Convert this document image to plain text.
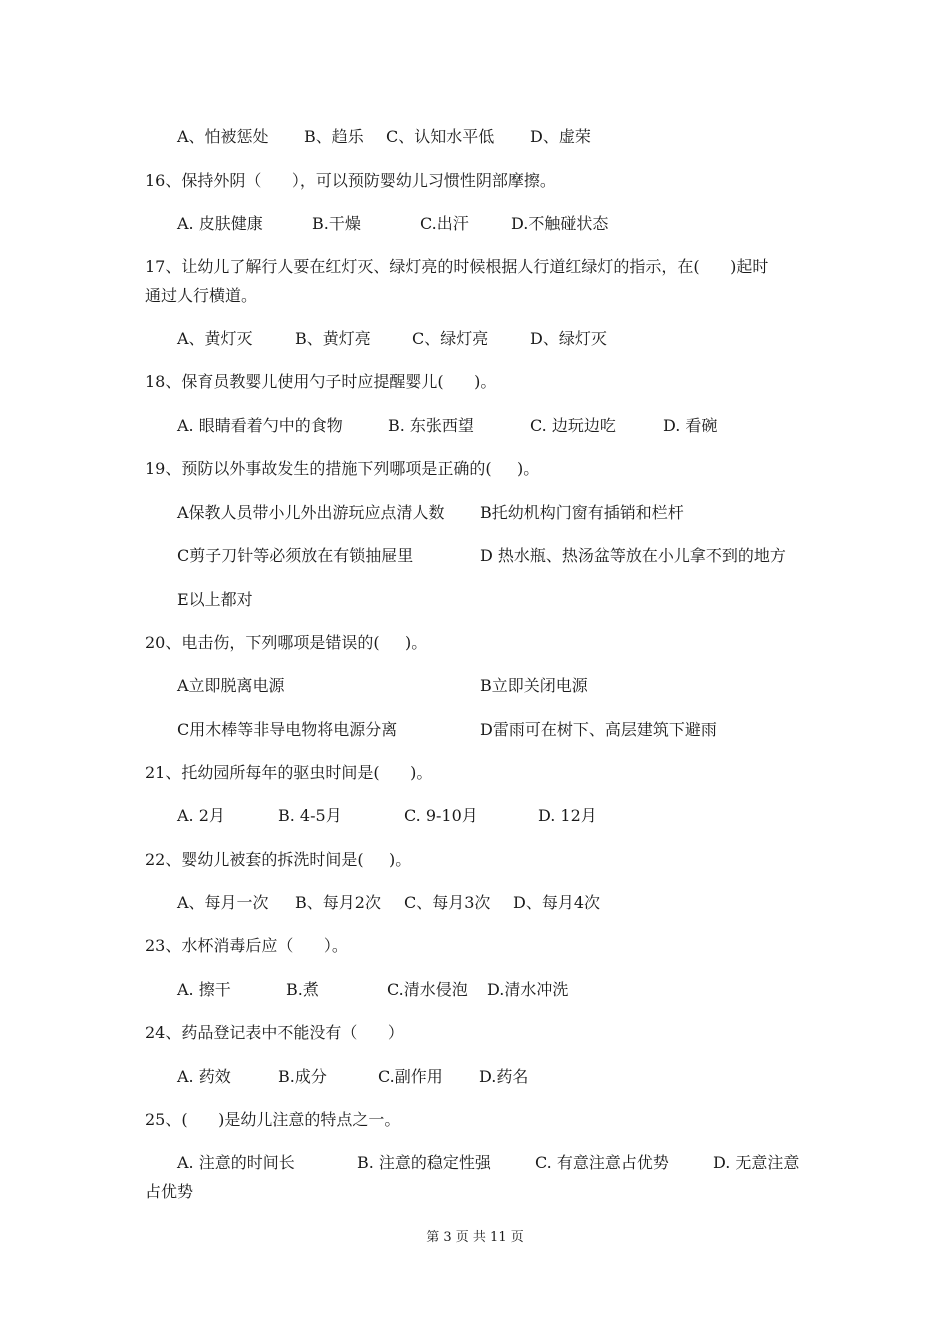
A、怕被惩处 B、趋乐 C、认知水平低 D、虚荣
16、保持外阴（      ），可以预防婴幼儿习惯性阴部摩擦。
A. 皮肤健康	B.干燥	C.出汗	D.不触碰状态
17、让幼儿了解行人要在红灯灭、绿灯亮的时候根据人行道红绿灯的指示，在(      )起时
通过人行横道。
A、黄灯灭	B、黄灯亮	C、绿灯亮	D、绿灯灭
18、保育员教婴儿使用勺子时应提醒婴儿(      )。
A. 眼睛看着勺中的食物	B. 东张西望	C. 边玩边吃	D. 看碗
19、预防以外事故发生的措施下列哪项是正确的(     )。
A保教人员带小儿外出游玩应点清人数 B托幼机构门窗有插销和栏杆
C剪子刀针等必须放在有锁抽屉里	D 热水瓶、热汤盆等放在小儿拿不到的地方
E以上都对
20、电击伤，下列哪项是错误的(     )。
A立即脱离电源	B立即关闭电源
C用木棒等非导电物将电源分离	D雷雨可在树下、高层建筑下避雨
21、托幼园所每年的驱虫时间是(      )。
A. 2月	B. 4-5月	C. 9-10月	D. 12月
22、婴幼儿被套的拆洗时间是(     )。
A、每月一次 B、每月2次 C、每月3次 D、每月4次
23、水杯消毒后应（      ）。
A. 擦干	B.煮	C.清水侵泡 D.清水冲洗
24、药品登记表中不能没有（      ）
A. 药效	B.成分	C.副作用 D.药名
25、(      )是幼儿注意的特点之一。
A. 注意的时间长	B. 注意的稳定性强	C. 有意注意占优势	D. 无意注意
占优势
第 3 页 共 11 页
